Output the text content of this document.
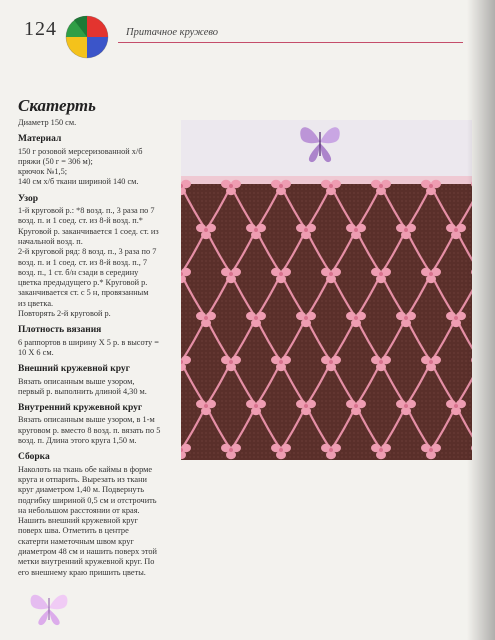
124	Притачное кружево
Скатерть

Диаметр 150 см.

Материал

150 г розовой мерсеризованной х/б

пряжи (50 г = 306 м);

крючок №1,5;

140 см х/б ткани шириной 140 см.

Узор

1-й круговой р.: *8 возд. п., 3 раза по 7

возд. п. и 1 соед. ст. из 8-й возд. п.*

Круговой р. заканчивается 1 соед. ст. из

начальной возд. п.

2-й круговой ряд: 8 возд. п., 3 раза по 7

возд. п. и 1 соед. ст. из 8-й возд. п., 7

возд. п., 1 ст. б/н сзади в середину

цветка предыдущего р.* Круговой р.

заканчивается ст. с 5 н, провязанным

из цветка.

Повторять 2-й круговой р.

Плотность вязания

6 раппортов в ширину Х 5 р. в высоту =

10 Х 6 см.

Внешний кружевной круг

Вязать описанным выше узором,

первый р. выполнить длиной 4,30 м.

Внутренний кружевной круг

Вязать описанным выше узором, в 1-м

круговом р. вместо 8 возд. п. вязать по 5

возд. п. Длина этого круга 1,50 м.

Сборка

Наколоть на ткань обе каймы в форме

круга и отпарить. Вырезать из ткани

круг диаметром 1,40 м. Подвернуть

подгибку шириной 0,5 см и отстрочить

на небольшом расстоянии от края.

Нашить внешний кружевной круг

поверх шва. Отметить в центре

скатерти наметочным швом круг

диаметром 48 см и нашить поверх этой

метки внутренний кружевной круг. По

его внешнему краю пришить цветы.
